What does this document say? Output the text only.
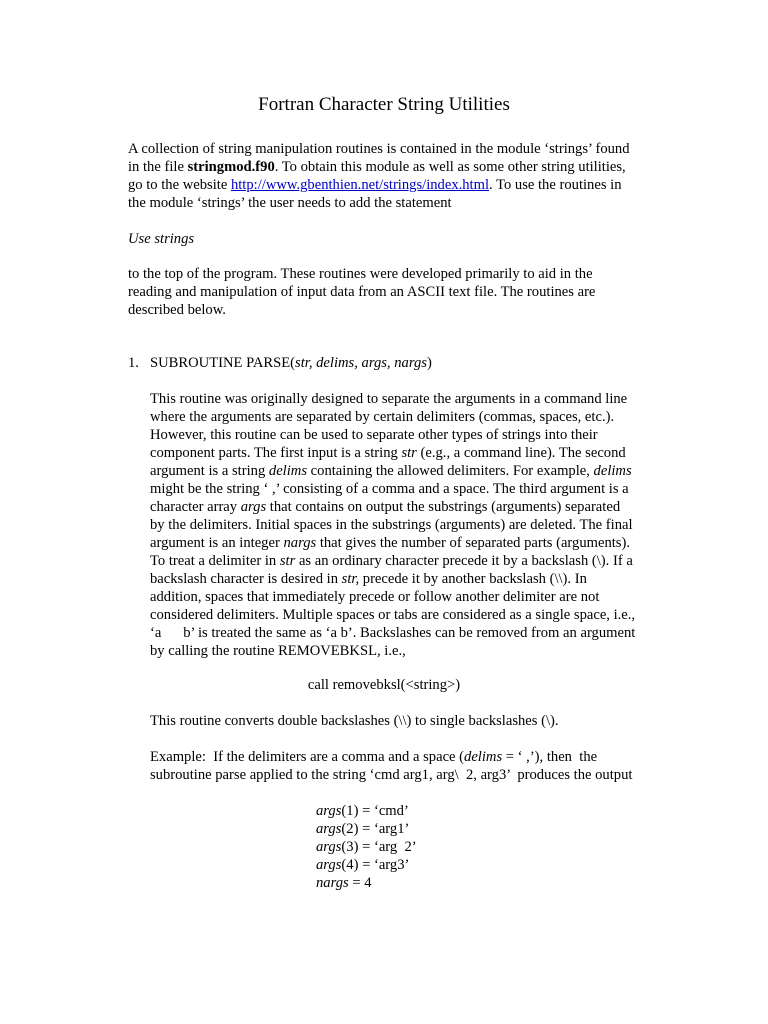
Fortran Character String Utilities
A collection of string manipulation routines is contained in the module ‘strings’ found
in the file stringmod.f90. To obtain this module as well as some other string utilities,
go to the website http://www.gbenthien.net/strings/index.html. To use the routines in
the module ‘strings’ the user needs to add the statement
Use strings
to the top of the program. These routines were developed primarily to aid in the
reading and manipulation of input data from an ASCII text file. The routines are
described below.
1. SUBROUTINE PARSE(str, delims, args, nargs)
This routine was originally designed to separate the arguments in a command line
where the arguments are separated by certain delimiters (commas, spaces, etc.).
However, this routine can be used to separate other types of strings into their
component parts. The first input is a string str (e.g., a command line). The second
argument is a string delims containing the allowed delimiters. For example, delims
might be the string ‘ ,’ consisting of a comma and a space. The third argument is a
character array args that contains on output the substrings (arguments) separated
by the delimiters. Initial spaces in the substrings (arguments) are deleted. The final
argument is an integer nargs that gives the number of separated parts (arguments).
To treat a delimiter in str as an ordinary character precede it by a backslash (\). If a
backslash character is desired in str, precede it by another backslash (\\). In
addition, spaces that immediately precede or follow another delimiter are not
considered delimiters. Multiple spaces or tabs are considered as a single space, i.e.,
‘a      b’ is treated the same as ‘a b’. Backslashes can be removed from an argument
by calling the routine REMOVEBKSL, i.e.,
call removebksl(<string>)
This routine converts double backslashes (\\) to single backslashes (\).
Example:  If the delimiters are a comma and a space (delims = ‘ ,’), then  the
subroutine parse applied to the string ‘cmd arg1, arg\  2, arg3’  produces the output
args(1) = ‘cmd’
args(2) = ‘arg1’
args(3) = ‘arg  2’
args(4) = ‘arg3’
nargs = 4
